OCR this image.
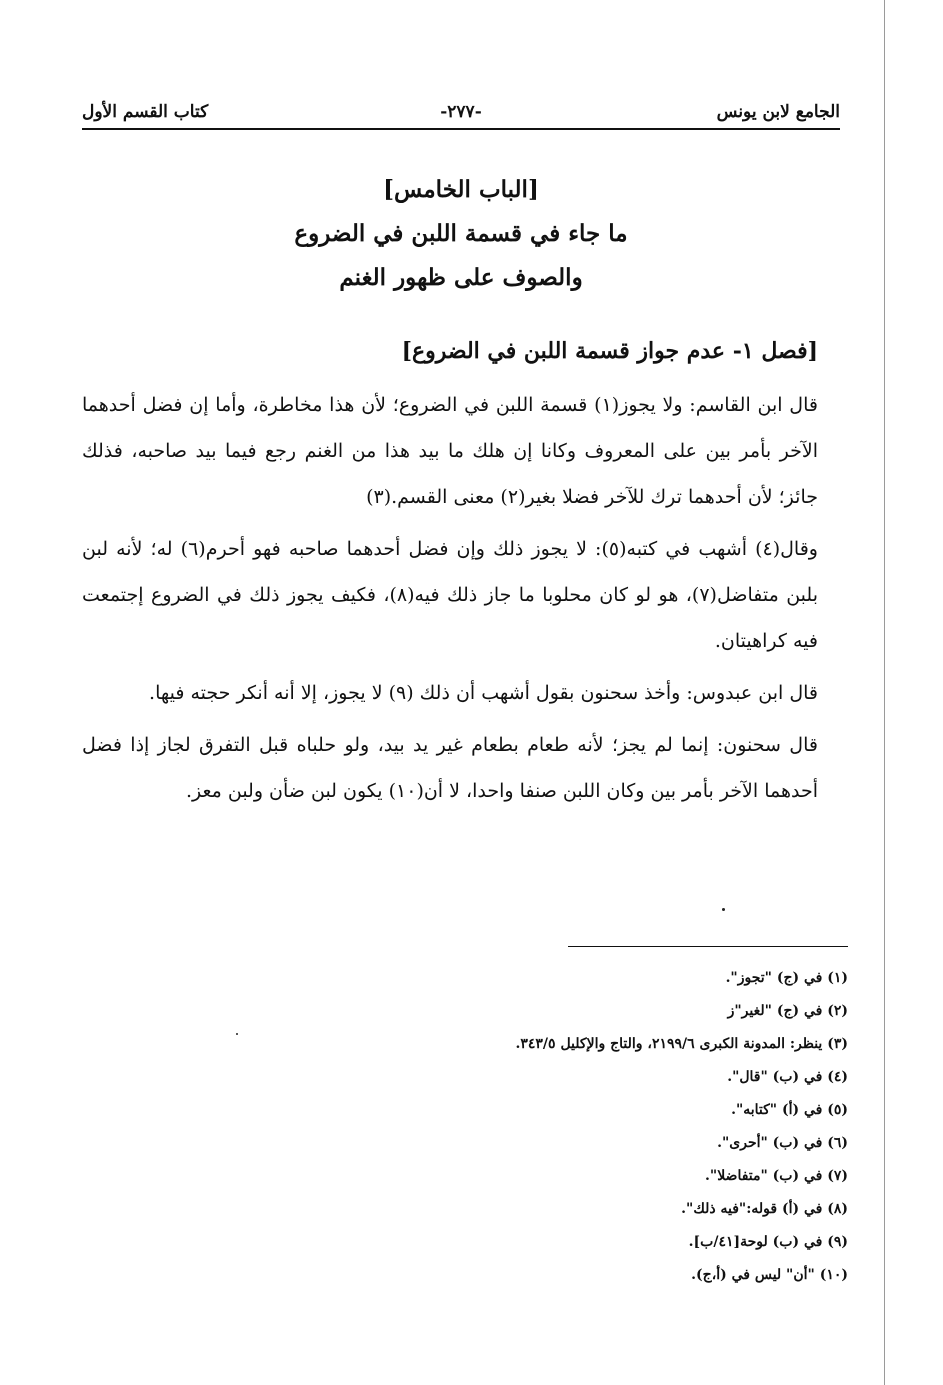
الجامع لابن يونس
-٢٧٧-
كتاب القسم الأول
[الباب الخامس]
ما جاء في قسمة اللبن في الضروع
والصوف على ظهور الغنم
[فصل ١- عدم جواز قسمة اللبن في الضروع]

قال ابن القاسم: ولا يجوز(١) قسمة اللبن في الضروع؛ لأن هذا مخاطرة، وأما إن فضل أحدهما الآخر بأمر بين على المعروف وكانا إن هلك ما بيد هذا من الغنم رجع فيما بيد صاحبه، فذلك جائز؛ لأن أحدهما ترك للآخر فضلا بغير(٢) معنى القسم.(٣)

وقال(٤) أشهب في كتبه(٥): لا يجوز ذلك وإن فضل أحدهما صاحبه فهو أحرم(٦) له؛ لأنه لبن بلبن متفاضل(٧)، هو لو كان محلوبا ما جاز ذلك فيه(٨)، فكيف يجوز ذلك في الضروع إجتمعت فيه كراهيتان.

قال ابن عبدوس: وأخذ سحنون بقول أشهب أن ذلك (٩) لا يجوز، إلا أنه أنكر حجته فيها.

قال سحنون: إنما لم يجز؛ لأنه طعام بطعام غير يد بيد، ولو حلباه قبل التفرق لجاز إذا فضل أحدهما الآخر بأمر بين وكان اللبن صنفا واحدا، لا أن(١٠) يكون لبن ضأن ولبن معز.

(١) في (ج) "تجوز".
(٢) في (ج) "لغير"ز
(٣) ينظر: المدونة الكبرى ٢١٩٩/٦، والتاج والإكليل ٣٤٣/٥.
(٤) في (ب) "قال".
(٥) في (أ) "كتابه".
(٦) في (ب) "أحرى".
(٧) في (ب) "متفاضلا".
(٨) في (أ) قوله:"فيه ذلك".
(٩) في (ب) لوحة[٤١/ب].
(١٠) "أن" ليس في (أ،ج).
